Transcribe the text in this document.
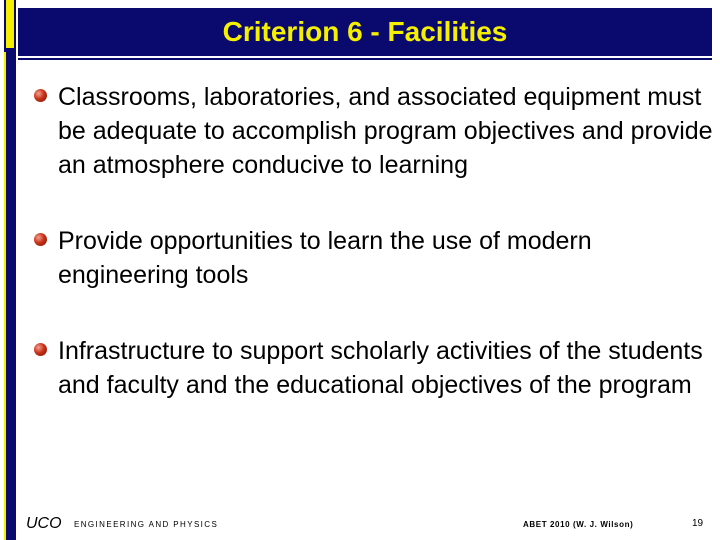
Criterion 6 - Facilities
Classrooms, laboratories, and associated equipment must be adequate to accomplish program objectives and provide an atmosphere conducive to learning
Provide opportunities to learn the use of modern engineering tools
Infrastructure to support scholarly activities of the students and faculty and the educational objectives of the program
UCO ENGINEERING AND PHYSICS	ABET 2010 (W. J. Wilson)	19
